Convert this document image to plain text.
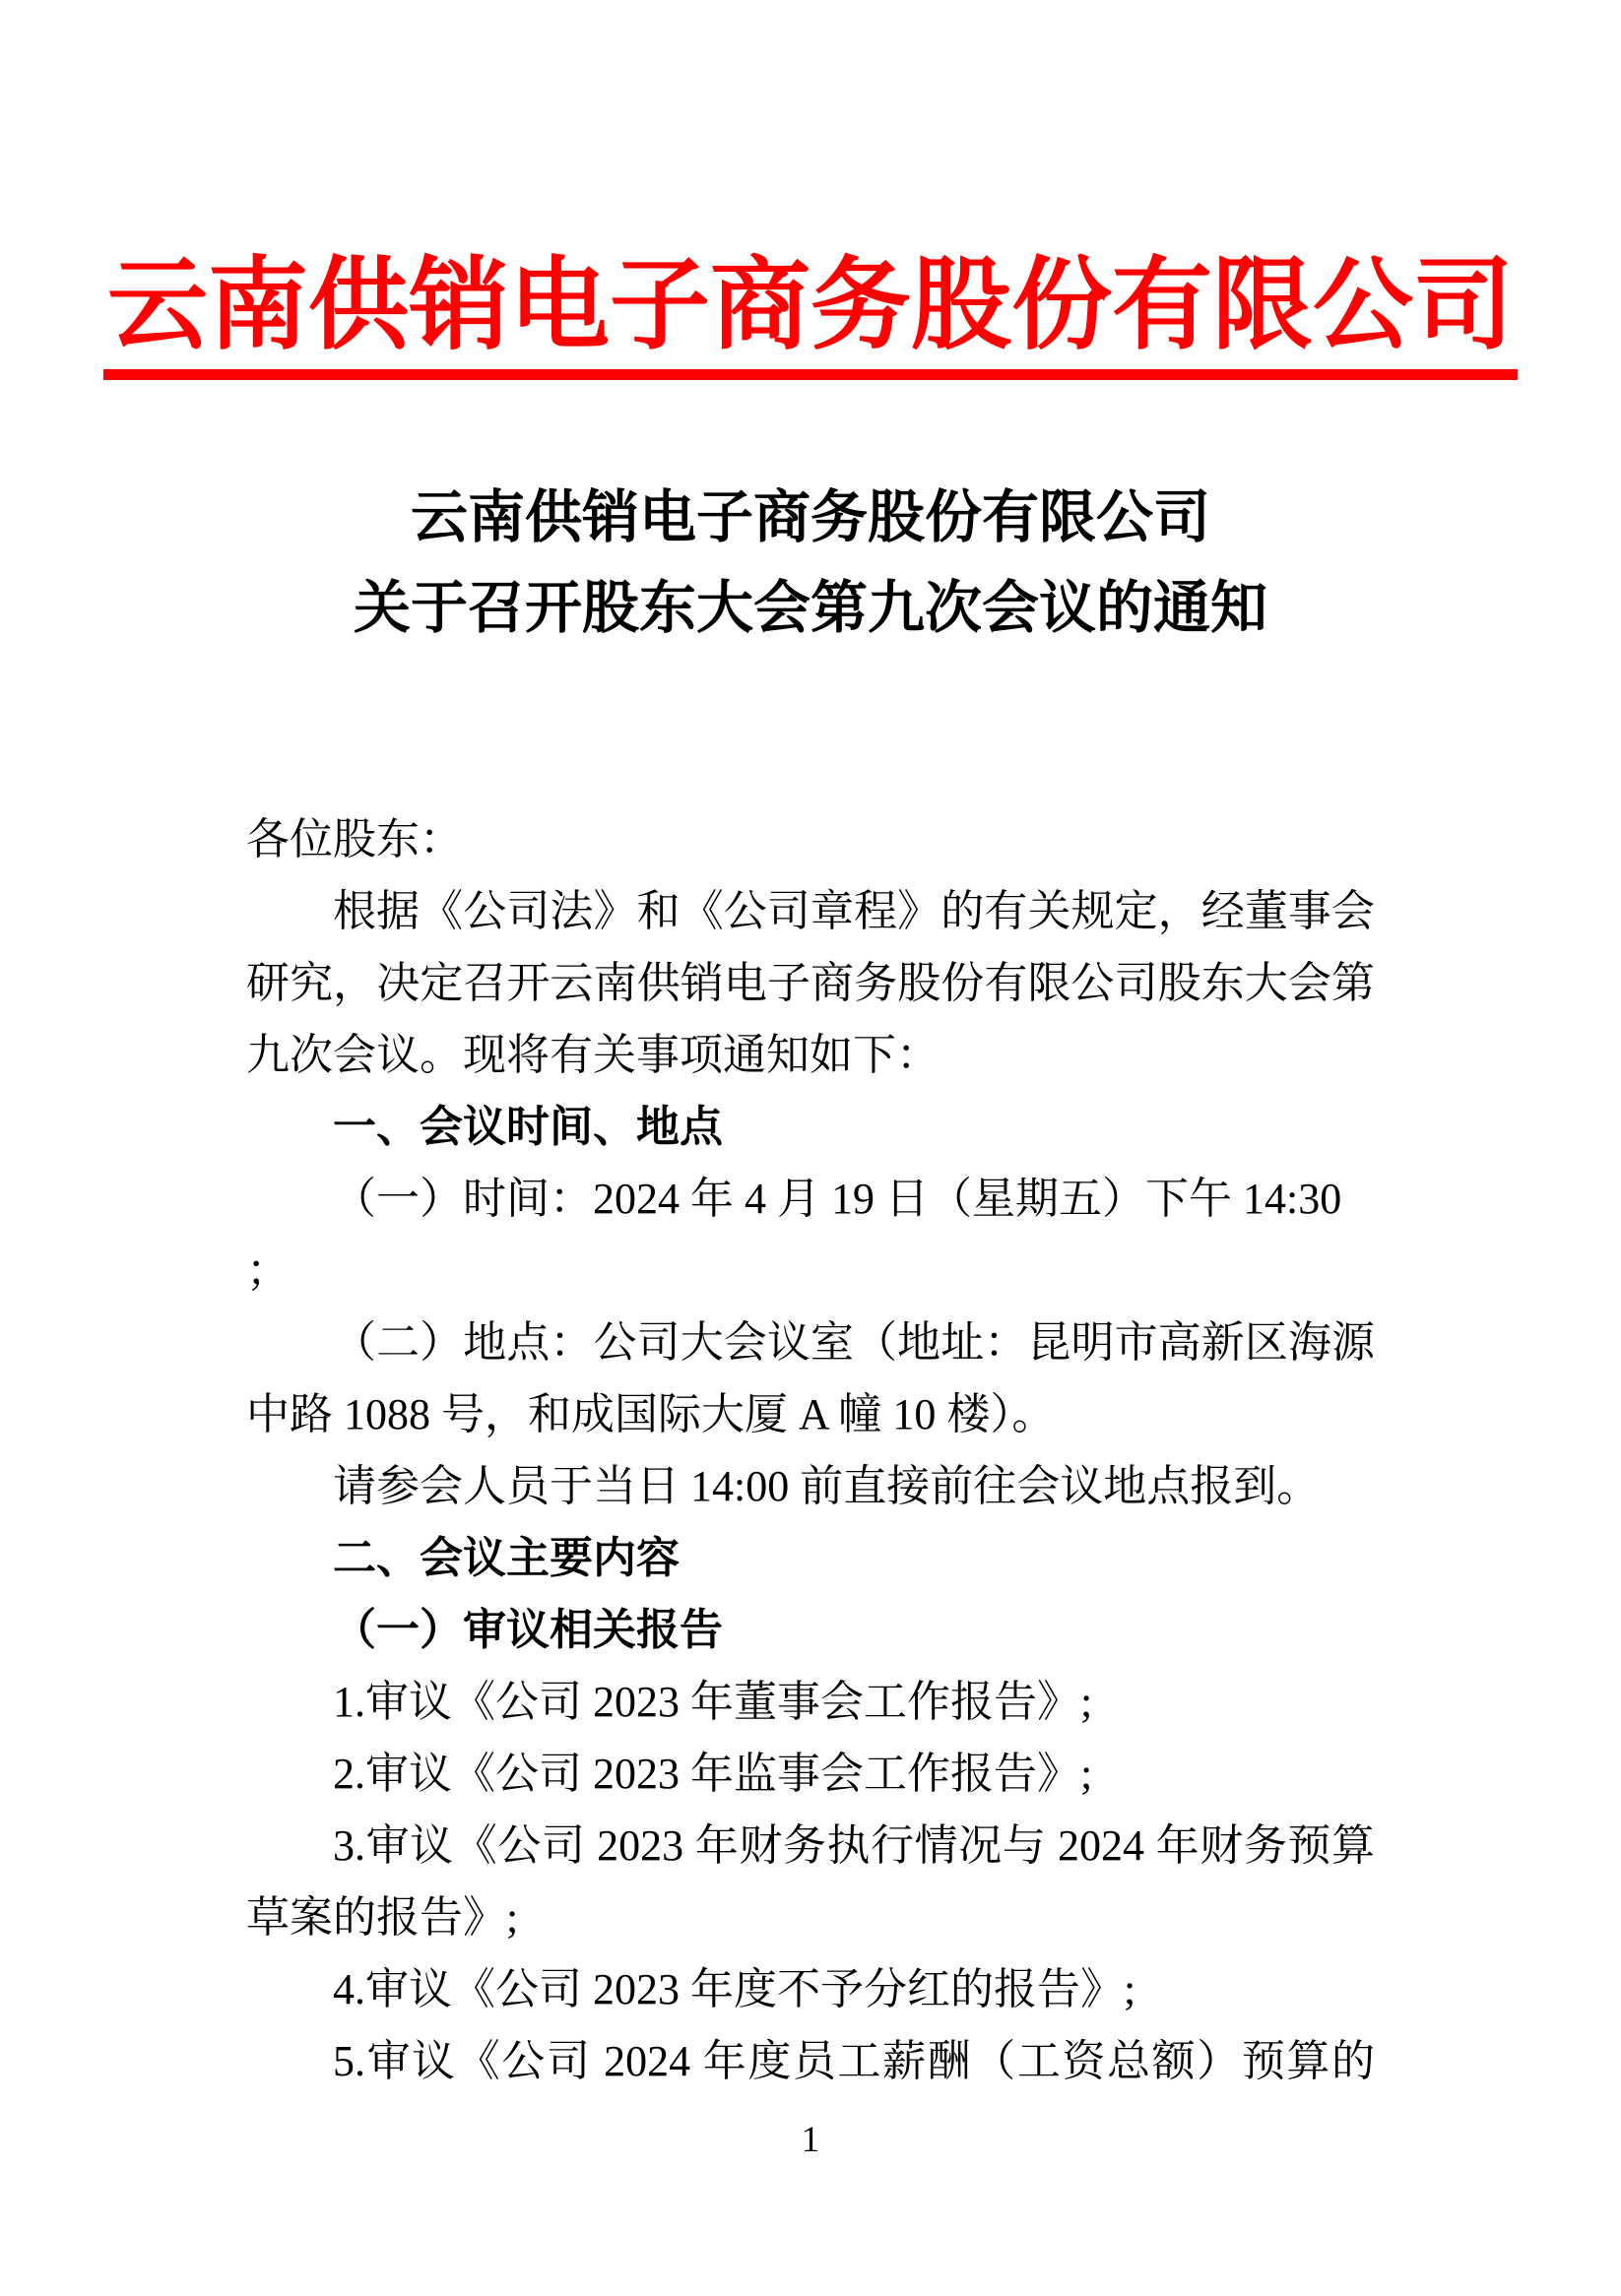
云南供销电子商务股份有限公司
云南供销电子商务股份有限公司
关于召开股东大会第九次会议的通知
各位股东：
根据《公司法》和《公司章程》的有关规定，经董事会
研究，决定召开云南供销电子商务股份有限公司股东大会第
九次会议。现将有关事项通知如下：
一、会议时间、地点
（一）时间：2024 年 4 月 19 日（星期五）下午 14:30 ；
（二）地点：公司大会议室（地址：昆明市高新区海源
中路 1088 号，和成国际大厦 A 幢 10 楼）。
请参会人员于当日 14:00 前直接前往会议地点报到。
二、会议主要内容
（一）审议相关报告
1.审议《公司 2023 年董事会工作报告》;
2.审议《公司 2023 年监事会工作报告》;
3.审议《公司 2023 年财务执行情况与 2024 年财务预算
草案的报告》;
4.审议《公司 2023 年度不予分红的报告》;
5.审议《公司 2024 年度员工薪酬（工资总额）预算的
1
